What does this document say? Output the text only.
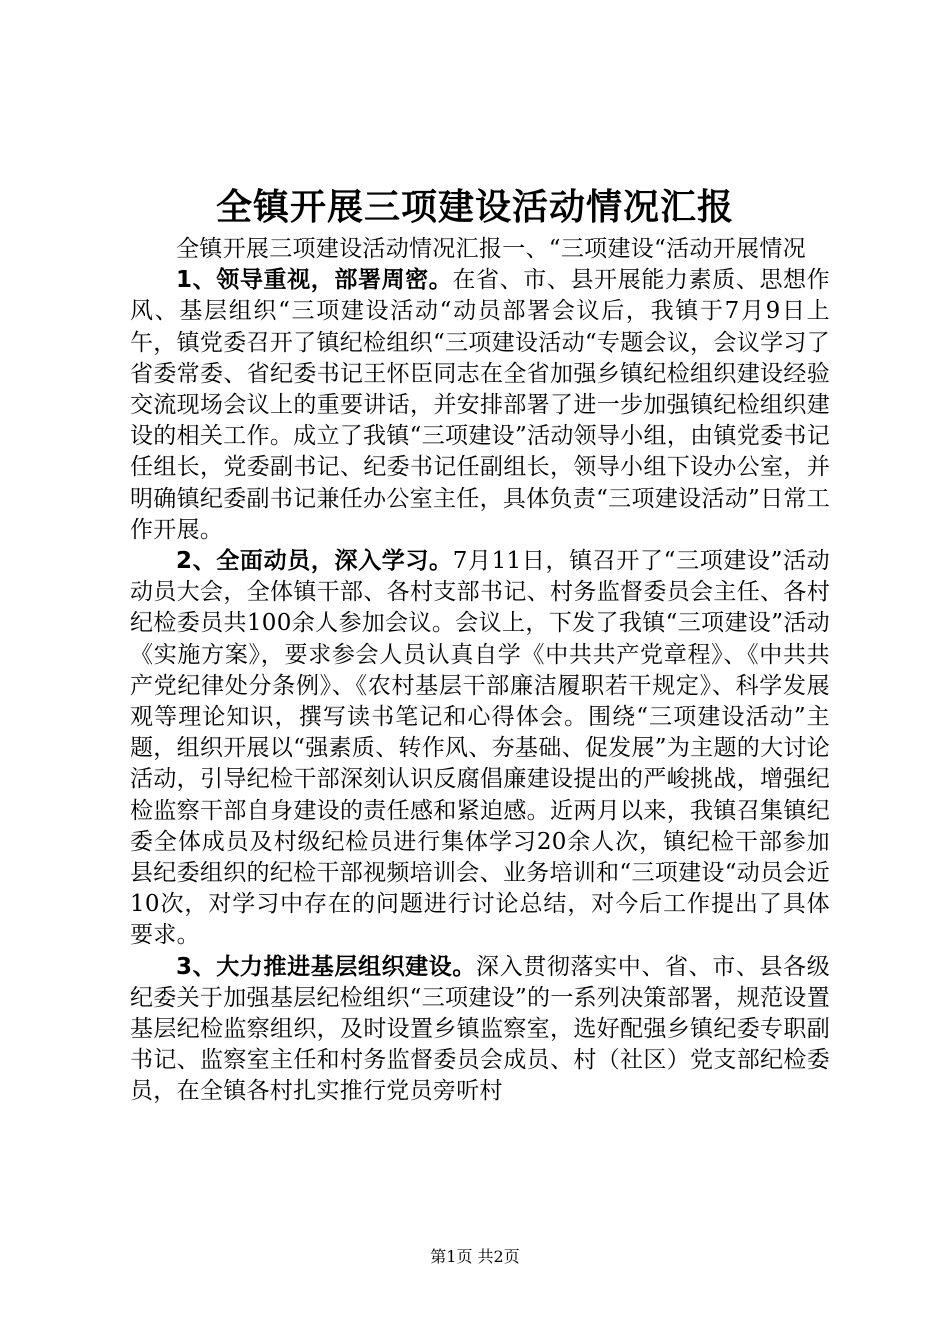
全镇开展三项建设活动情况汇报

全镇开展三项建设活动情况汇报一、“三项建设“活动开展情况

1、领导重视，部署周密。在省、市、县开展能力素质、思想作风、基层组织“三项建设活动“动员部署会议后，我镇于7月9日上午，镇党委召开了镇纪检组织“三项建设活动“专题会议，会议学习了省委常委、省纪委书记王怀臣同志在全省加强乡镇纪检组织建设经验交流现场会议上的重要讲话，并安排部署了进一步加强镇纪检组织建设的相关工作。成立了我镇“三项建设”活动领导小组，由镇党委书记任组长，党委副书记、纪委书记任副组长，领导小组下设办公室，并明确镇纪委副书记兼任办公室主任，具体负责“三项建设活动”日常工作开展。

2、全面动员，深入学习。7月11日，镇召开了“三项建设”活动动员大会，全体镇干部、各村支部书记、村务监督委员会主任、各村纪检委员共100余人参加会议。会议上，下发了我镇“三项建设”活动《实施方案》，要求参会人员认真自学《中共共产党章程》、《中共共产党纪律处分条例》、《农村基层干部廉洁履职若干规定》、科学发展观等理论知识，撰写读书笔记和心得体会。围绕“三项建设活动”主题，组织开展以“强素质、转作风、夯基础、促发展”为主题的大讨论活动，引导纪检干部深刻认识反腐倡廉建设提出的严峻挑战，增强纪检监察干部自身建设的责任感和紧迫感。近两月以来，我镇召集镇纪委全体成员及村级纪检员进行集体学习20余人次，镇纪检干部参加县纪委组织的纪检干部视频培训会、业务培训和“三项建设“动员会近10次，对学习中存在的问题进行讨论总结，对今后工作提出了具体要求。

3、大力推进基层组织建设。深入贯彻落实中、省、市、县各级纪委关于加强基层纪检组织“三项建设”的一系列决策部署，规范设置基层纪检监察组织，及时设置乡镇监察室，选好配强乡镇纪委专职副书记、监察室主任和村务监督委员会成员、村（社区）党支部纪检委员，在全镇各村扎实推行党员旁听村

第1页 共2页
